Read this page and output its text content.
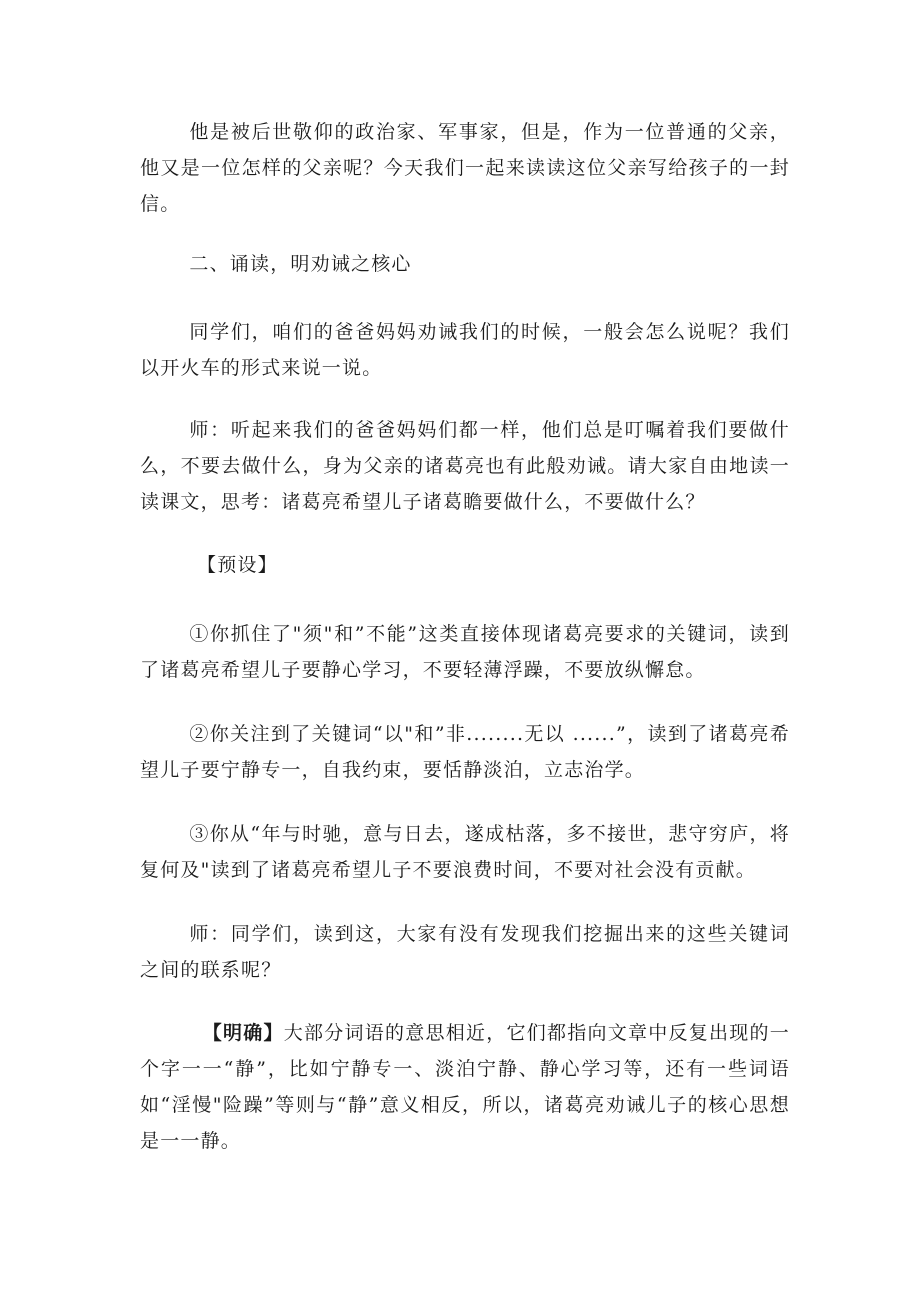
他是被后世敬仰的政治家、军事家，但是，作为一位普通的父亲，他又是一位怎样的父亲呢？今天我们一起来读读这位父亲写给孩子的一封信。

二、诵读，明劝诫之核心

同学们，咱们的爸爸妈妈劝诫我们的时候，一般会怎么说呢？我们以开火车的形式来说一说。

师：听起来我们的爸爸妈妈们都一样，他们总是叮嘱着我们要做什么，不要去做什么，身为父亲的诸葛亮也有此般劝诫。请大家自由地读一读课文，思考：诸葛亮希望儿子诸葛瞻要做什么，不要做什么？

【预设】

①你抓住了"须"和”不能”这类直接体现诸葛亮要求的关键词，读到了诸葛亮希望儿子要静心学习，不要轻薄浮躁，不要放纵懈怠。

②你关注到了关键词“以"和”非........无以 ......”，读到了诸葛亮希望儿子要宁静专一，自我约束，要恬静淡泊，立志治学。

③你从“年与时驰，意与日去，遂成枯落，多不接世，悲守穷庐，将复何及"读到了诸葛亮希望儿子不要浪费时间，不要对社会没有贡献。

师：同学们，读到这，大家有没有发现我们挖掘出来的这些关键词之间的联系呢？

【明确】大部分词语的意思相近，它们都指向文章中反复出现的一个字一一“静”，比如宁静专一、淡泊宁静、静心学习等，还有一些词语如“淫慢"险躁”等则与“静”意义相反，所以，诸葛亮劝诫儿子的核心思想是一一静。
